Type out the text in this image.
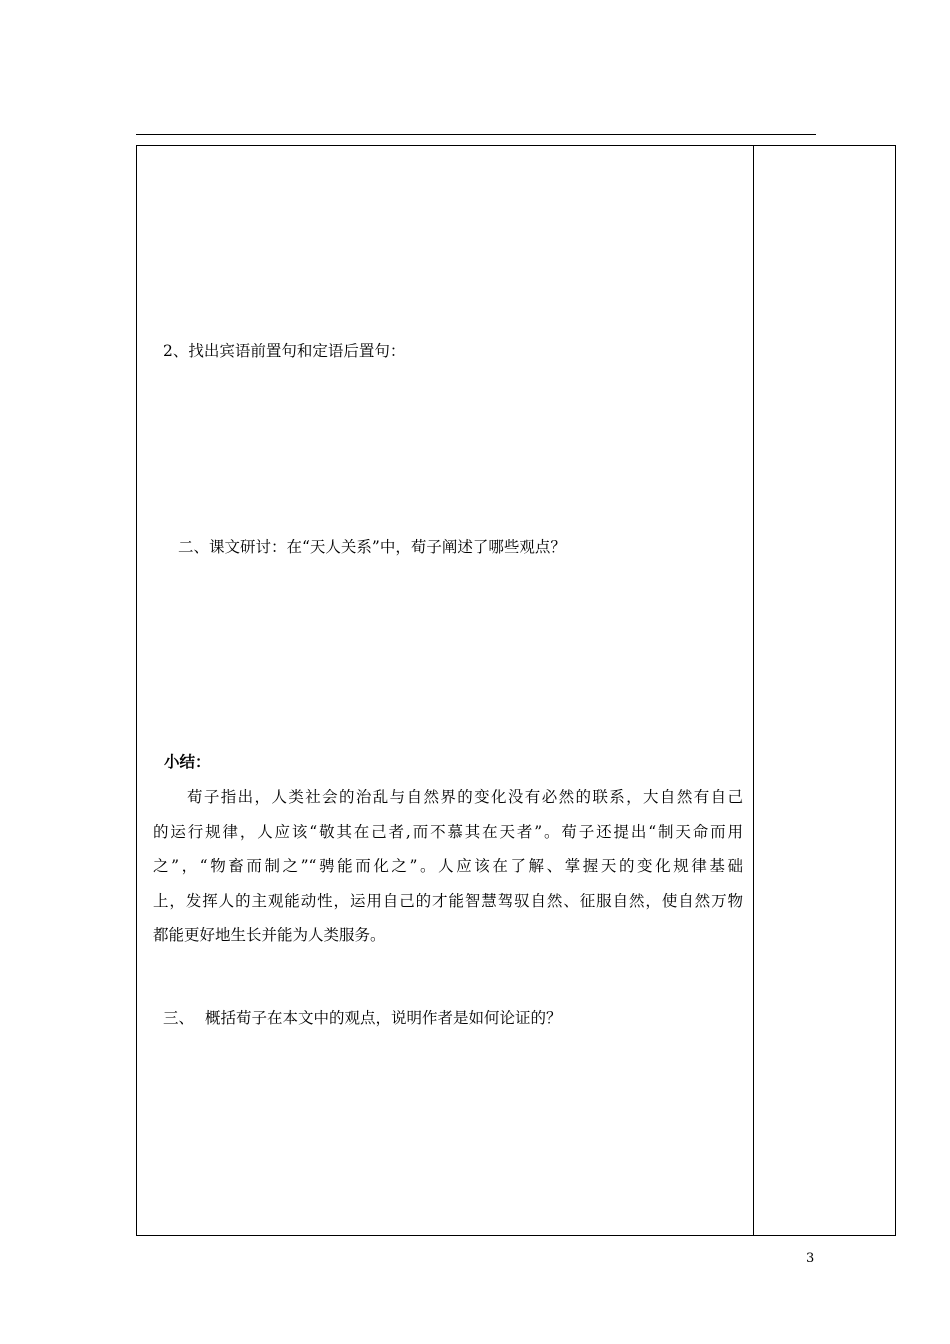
2、找出宾语前置句和定语后置句：
二、课文研讨：在“天人关系”中，荀子阐述了哪些观点？
小结：
荀子指出，人类社会的治乱与自然界的变化没有必然的联系，大自然有自己
的运行规律，人应该“敬其在己者,而不慕其在天者”。荀子还提出“制天命而用
之”，“物畜而制之”“骋能而化之”。人应该在了解、掌握天的变化规律基础
上，发挥人的主观能动性，运用自己的才能智慧驾驭自然、征服自然，使自然万物
都能更好地生长并能为人类服务。
三、 概括荀子在本文中的观点，说明作者是如何论证的？
3
